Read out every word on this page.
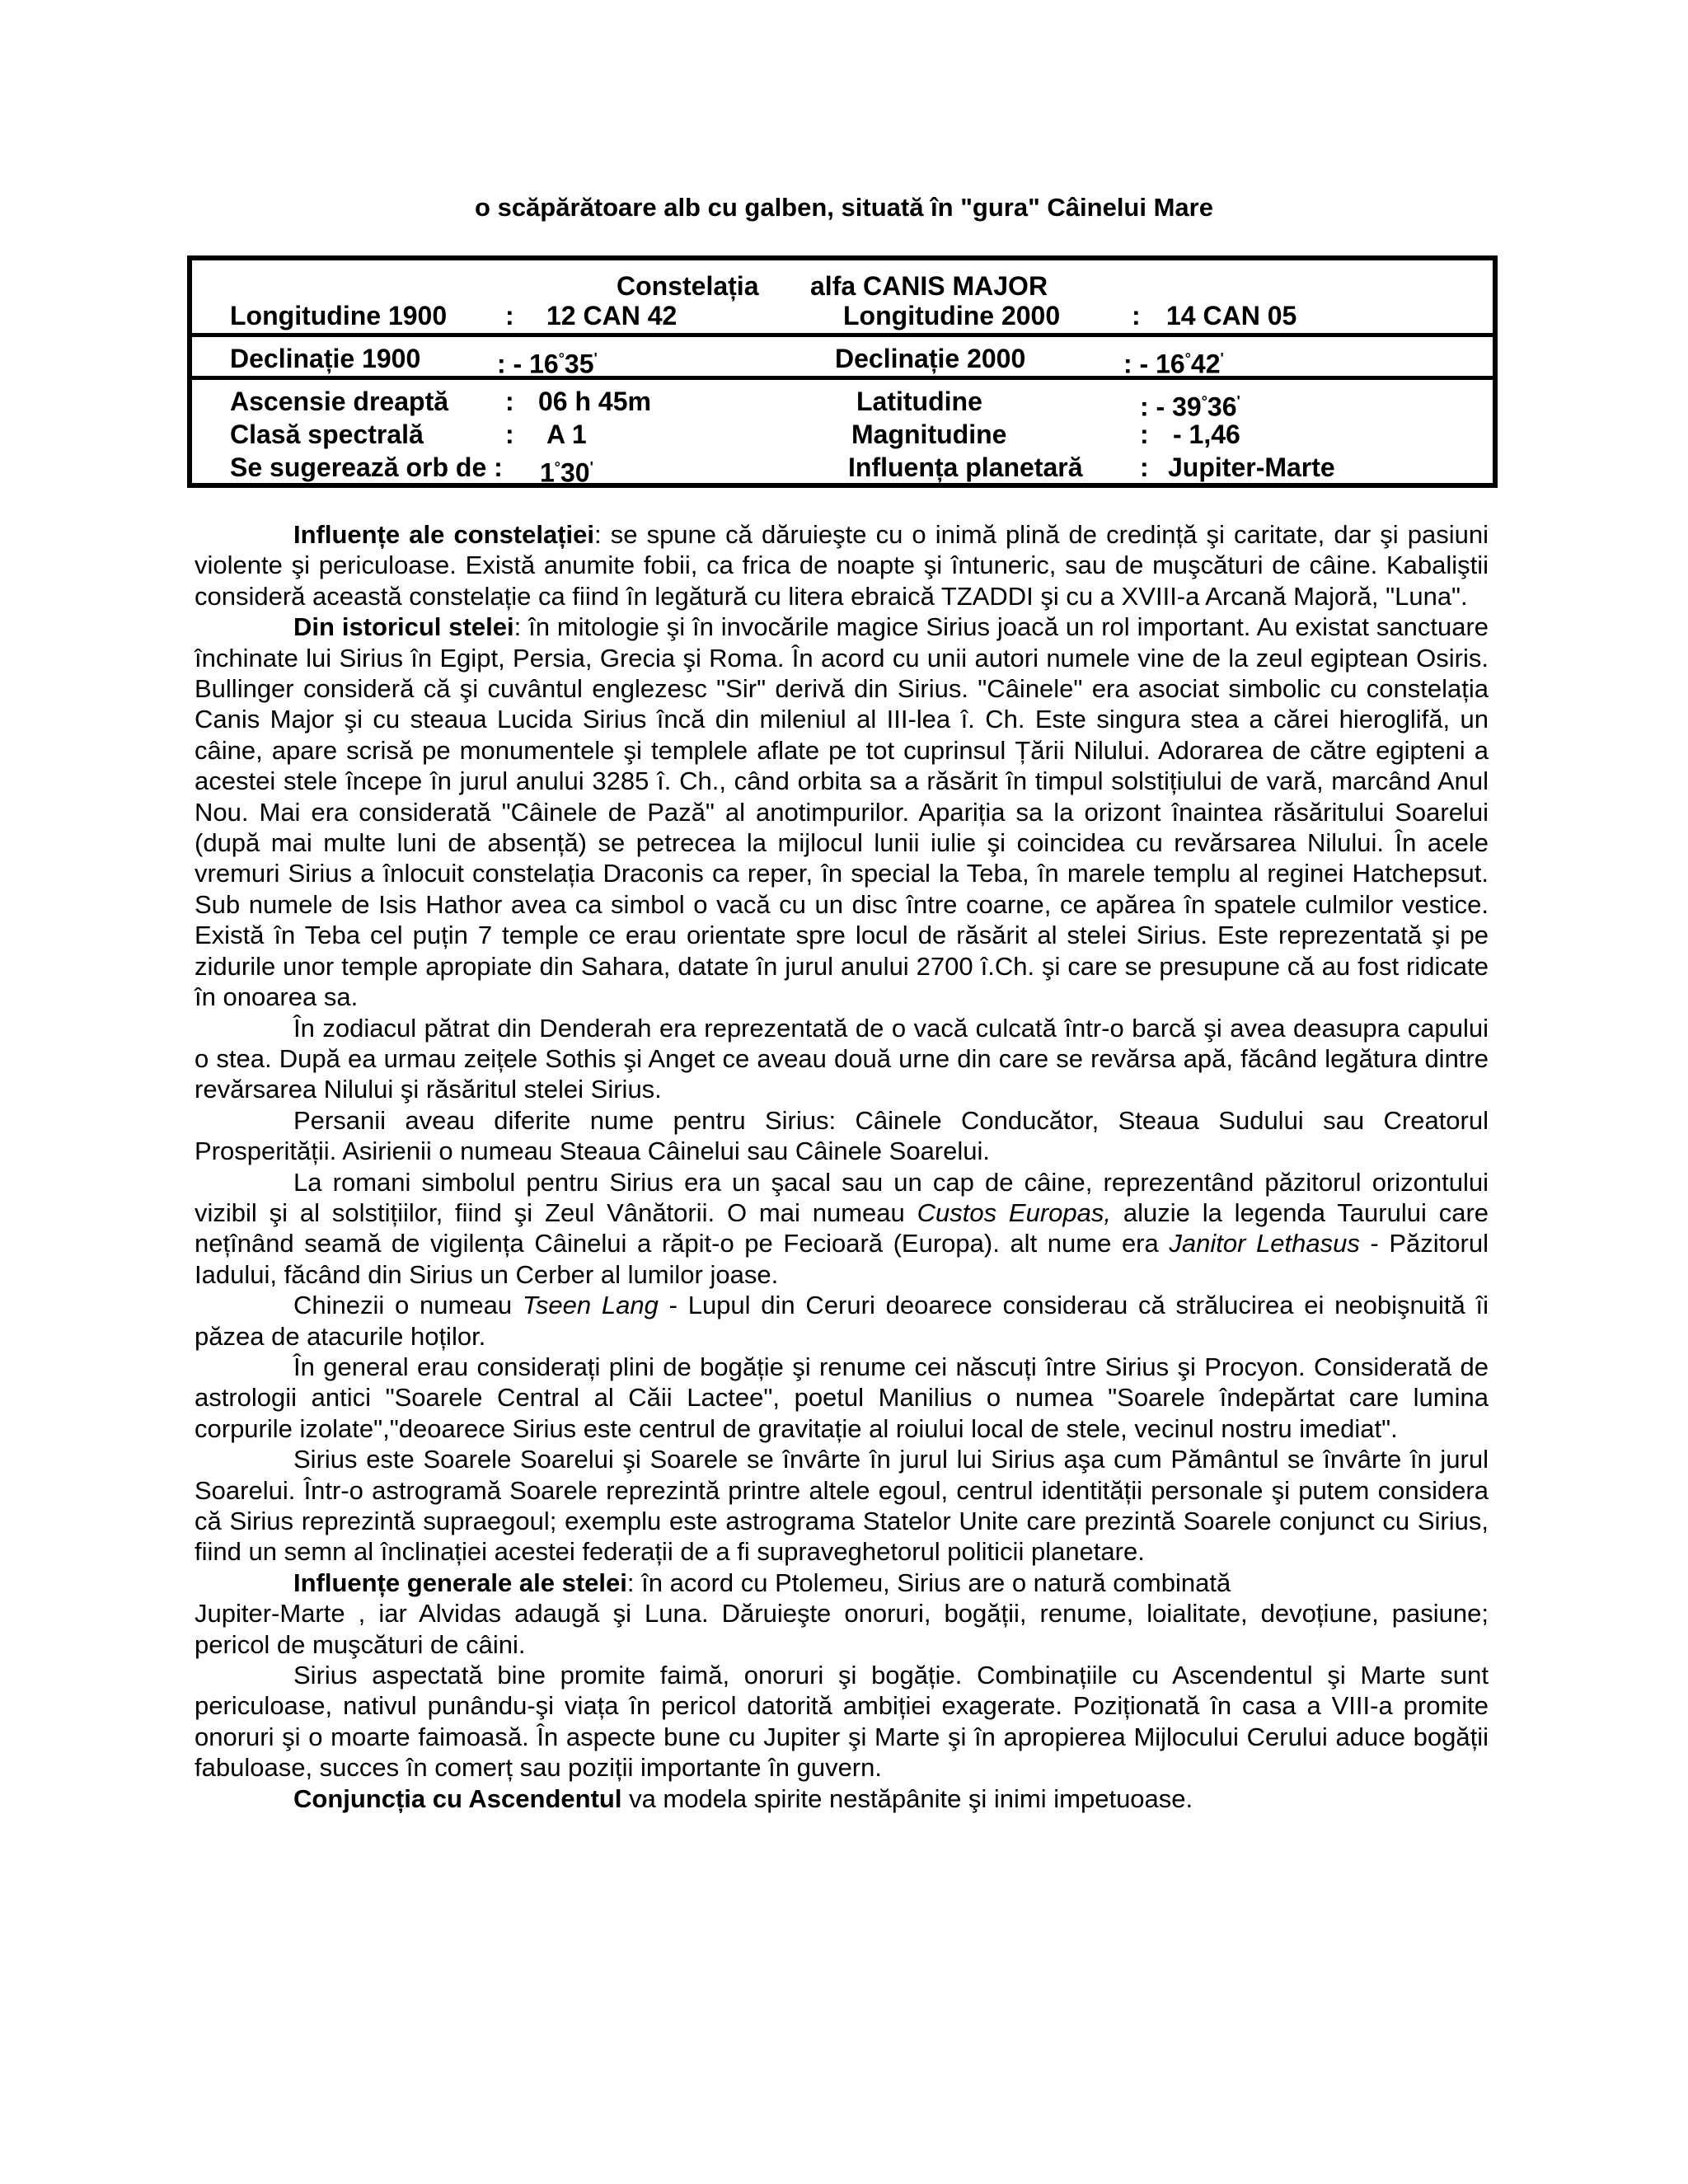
o scăpărătoare alb cu galben, situată în "gura" Câinelui Mare
Constelația alfa CANIS MAJOR
Longitudine 1900 : 12 CAN 42	Longitudine 2000	: 14 CAN 05
Declinație 1900	: - 16°35'	Declinație 2000	: - 16°42'
Ascensie dreaptă : 06 h 45m	Latitudine	: - 39°36'
Clasă spectrală	: A 1	Magnitudine	: - 1,46
Se sugerează orb de : 1°30'	Influența planetară : Jupiter-Marte

Influențe ale constelației: se spune că dăruieşte cu o inimă plină de credință şi caritate, dar şi pasiuni violente şi periculoase. Există anumite fobii, ca frica de noapte şi întuneric, sau de muşcături de câine. Kabaliştii consideră această constelație ca fiind în legătură cu litera ebraică TZADDI şi cu a XVIII-a Arcană Majoră, "Luna".

Din istoricul stelei: în mitologie şi în invocările magice Sirius joacă un rol important. Au existat sanctuare închinate lui Sirius în Egipt, Persia, Grecia şi Roma. În acord cu unii autori numele vine de la zeul egiptean Osiris. Bullinger consideră că şi cuvântul englezesc "Sir" derivă din Sirius. "Câinele" era asociat simbolic cu constelația Canis Major şi cu steaua Lucida Sirius încă din mileniul al III-lea î. Ch. Este singura stea a cărei hieroglifă, un câine, apare scrisă pe monumentele şi templele aflate pe tot cuprinsul Țării Nilului. Adorarea de către egipteni a acestei stele începe în jurul anului 3285 î. Ch., când orbita sa a răsărit în timpul solstițiului de vară, marcând Anul Nou. Mai era considerată "Câinele de Pază" al anotimpurilor. Apariția sa la orizont înaintea răsăritului Soarelui (după mai multe luni de absență) se petrecea la mijlocul lunii iulie şi coincidea cu revărsarea Nilului. În acele vremuri Sirius a înlocuit constelația Draconis ca reper, în special la Teba, în marele templu al reginei Hatchepsut. Sub numele de Isis Hathor avea ca simbol o vacă cu un disc între coarne, ce apărea în spatele culmilor vestice. Există în Teba cel puțin 7 temple ce erau orientate spre locul de răsărit al stelei Sirius. Este reprezentată şi pe zidurile unor temple apropiate din Sahara, datate în jurul anului 2700 î.Ch. şi care se presupune că au fost ridicate în onoarea sa.

În zodiacul pătrat din Denderah era reprezentată de o vacă culcată într-o barcă şi avea deasupra capului o stea. După ea urmau zeițele Sothis şi Anget ce aveau două urne din care se revărsa apă, făcând legătura dintre revărsarea Nilului şi răsăritul stelei Sirius.

Persanii aveau diferite nume pentru Sirius: Câinele Conducător, Steaua Sudului sau Creatorul Prosperității. Asirienii o numeau Steaua Câinelui sau Câinele Soarelui.

La romani simbolul pentru Sirius era un şacal sau un cap de câine, reprezentând păzitorul orizontului vizibil şi al solstițiilor, fiind şi Zeul Vânătorii. O mai numeau Custos Europas, aluzie la legenda Taurului care nețînând seamă de vigilența Câinelui a răpit-o pe Fecioară (Europa). alt nume era Janitor Lethasus - Păzitorul Iadului, făcând din Sirius un Cerber al lumilor joase.

Chinezii o numeau Tseen Lang - Lupul din Ceruri deoarece considerau că strălucirea ei neobişnuită îi păzea de atacurile hoților.

În general erau considerați plini de bogăție şi renume cei născuți între Sirius şi Procyon. Considerată de astrologii antici "Soarele Central al Căii Lactee", poetul Manilius o numea "Soarele îndepărtat care lumina corpurile izolate","deoarece Sirius este centrul de gravitație al roiului local de stele, vecinul nostru imediat".

Sirius este Soarele Soarelui şi Soarele se învârte în jurul lui Sirius aşa cum Pământul se învârte în jurul Soarelui. Într-o astrogramă Soarele reprezintă printre altele egoul, centrul identității personale şi putem considera că Sirius reprezintă supraegoul; exemplu este astrograma Statelor Unite care prezintă Soarele conjunct cu Sirius, fiind un semn al înclinației acestei federații de a fi supraveghetorul politicii planetare.

Influențe generale ale stelei: în acord cu Ptolemeu, Sirius are o natură combinată

Jupiter-Marte , iar Alvidas adaugă şi Luna. Dăruieşte onoruri, bogății, renume, loialitate, devoțiune, pasiune; pericol de muşcături de câini.

Sirius aspectată bine promite faimă, onoruri şi bogăție. Combinațiile cu Ascendentul şi Marte sunt periculoase, nativul punându-şi viața în pericol datorită ambiției exagerate. Poziționată în casa a VIII-a promite onoruri şi o moarte faimoasă. În aspecte bune cu Jupiter şi Marte şi în apropierea Mijlocului Cerului aduce bogății fabuloase, succes în comerț sau poziții importante în guvern.

Conjuncția cu Ascendentul va modela spirite nestăpânite şi inimi impetuoase.
